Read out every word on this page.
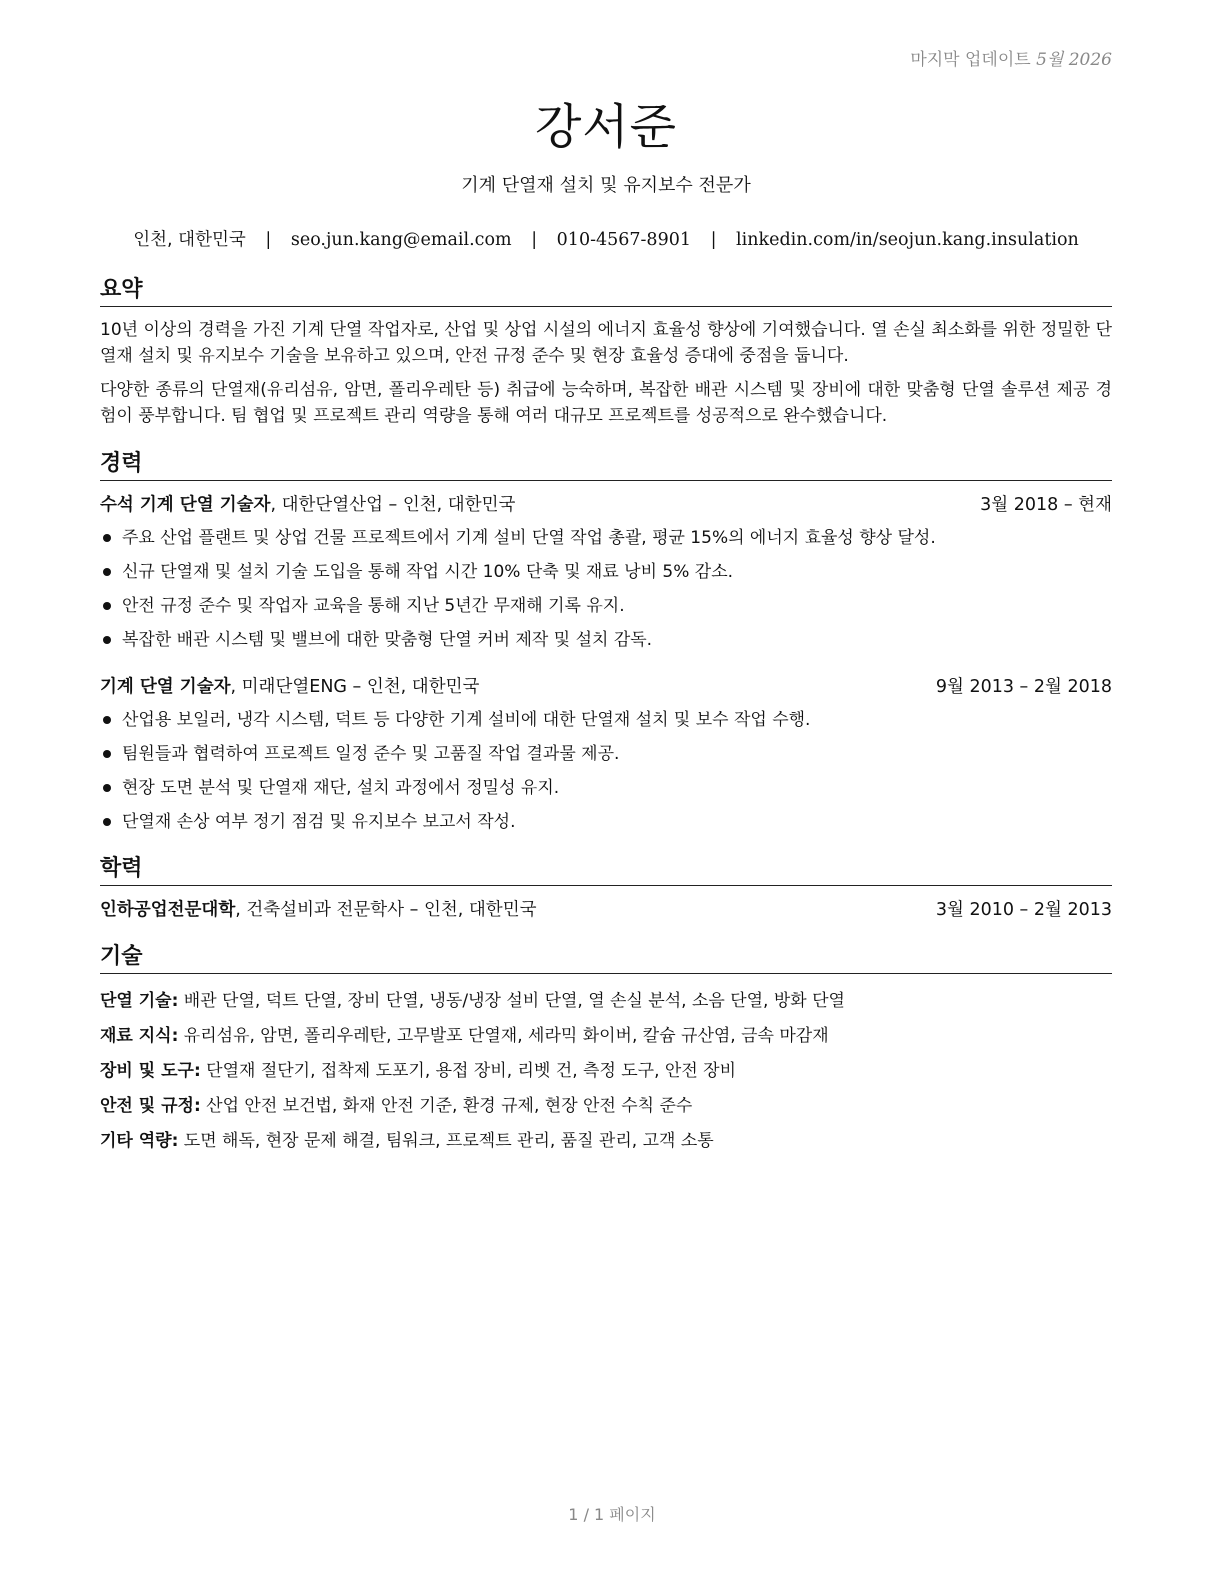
마지막 업데이트 5월 2026
강서준
기계 단열재 설치 및 유지보수 전문가
인천, 대한민국 | seo.jun.kang@email.com | 010-4567-8901 | linkedin.com/in/seojun.kang.insulation
요약

10년 이상의 경력을 가진 기계 단열 작업자로, 산업 및 상업 시설의 에너지 효율성 향상에 기여했습니다. 열 손실 최소화를 위한 정밀한 단열재 설치 및 유지보수 기술을 보유하고 있으며, 안전 규정 준수 및 현장 효율성 증대에 중점을 둡니다.

다양한 종류의 단열재(유리섬유, 암면, 폴리우레탄 등) 취급에 능숙하며, 복잡한 배관 시스템 및 장비에 대한 맞춤형 단열 솔루션 제공 경험이 풍부합니다. 팀 협업 및 프로젝트 관리 역량을 통해 여러 대규모 프로젝트를 성공적으로 완수했습니다.

경력
수석 기계 단열 기술자, 대한단열산업 – 인천, 대한민국	3월 2018 – 현재
주요 산업 플랜트 및 상업 건물 프로젝트에서 기계 설비 단열 작업 총괄, 평균 15%의 에너지 효율성 향상 달성.
신규 단열재 및 설치 기술 도입을 통해 작업 시간 10% 단축 및 재료 낭비 5% 감소.
안전 규정 준수 및 작업자 교육을 통해 지난 5년간 무재해 기록 유지.
복잡한 배관 시스템 및 밸브에 대한 맞춤형 단열 커버 제작 및 설치 감독.
기계 단열 기술자, 미래단열ENG – 인천, 대한민국	9월 2013 – 2월 2018
산업용 보일러, 냉각 시스템, 덕트 등 다양한 기계 설비에 대한 단열재 설치 및 보수 작업 수행.
팀원들과 협력하여 프로젝트 일정 준수 및 고품질 작업 결과물 제공.
현장 도면 분석 및 단열재 재단, 설치 과정에서 정밀성 유지.
단열재 손상 여부 정기 점검 및 유지보수 보고서 작성.
학력
인하공업전문대학, 건축설비과 전문학사 – 인천, 대한민국	3월 2010 – 2월 2013
기술
단열 기술: 배관 단열, 덕트 단열, 장비 단열, 냉동/냉장 설비 단열, 열 손실 분석, 소음 단열, 방화 단열
재료 지식: 유리섬유, 암면, 폴리우레탄, 고무발포 단열재, 세라믹 화이버, 칼슘 규산염, 금속 마감재
장비 및 도구: 단열재 절단기, 접착제 도포기, 용접 장비, 리벳 건, 측정 도구, 안전 장비
안전 및 규정: 산업 안전 보건법, 화재 안전 기준, 환경 규제, 현장 안전 수칙 준수
기타 역량: 도면 해독, 현장 문제 해결, 팀워크, 프로젝트 관리, 품질 관리, 고객 소통
1 / 1 페이지
